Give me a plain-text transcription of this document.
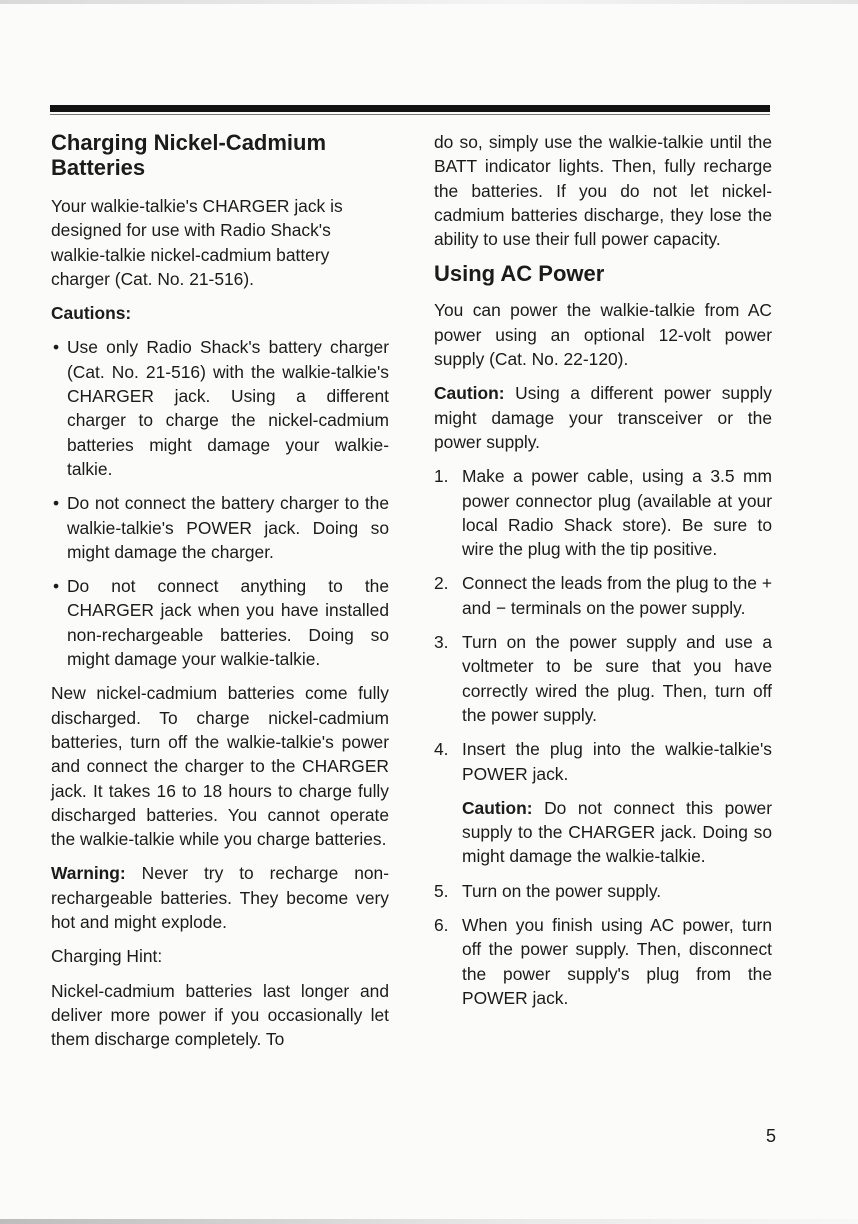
Charging Nickel-Cadmium Batteries

Your walkie-talkie's CHARGER jack is designed for use with Radio Shack's walkie-talkie nickel-cadmium battery charger (Cat. No. 21-516).

Cautions:

• Use only Radio Shack's battery charger (Cat. No. 21-516) with the walkie-talkie's CHARGER jack. Using a different charger to charge the nickel-cadmium batteries might damage your walkie-talkie.
• Do not connect the battery charger to the walkie-talkie's POWER jack. Doing so might damage the charger.
• Do not connect anything to the CHARGER jack when you have installed non-rechargeable batteries. Doing so might damage your walkie-talkie.

New nickel-cadmium batteries come fully discharged. To charge nickel-cadmium batteries, turn off the walkie-talkie's power and connect the charger to the CHARGER jack. It takes 16 to 18 hours to charge fully discharged batteries. You cannot operate the walkie-talkie while you charge batteries.

Warning: Never try to recharge non-rechargeable batteries. They become very hot and might explode.

Charging Hint:

Nickel-cadmium batteries last longer and deliver more power if you occasionally let them discharge completely. To

do so, simply use the walkie-talkie until the BATT indicator lights. Then, fully recharge the batteries. If you do not let nickel-cadmium batteries discharge, they lose the ability to use their full power capacity.

Using AC Power

You can power the walkie-talkie from AC power using an optional 12-volt power supply (Cat. No. 22-120).

Caution: Using a different power supply might damage your transceiver or the power supply.

1. Make a power cable, using a 3.5 mm power connector plug (available at your local Radio Shack store). Be sure to wire the plug with the tip positive.
2. Connect the leads from the plug to the + and − terminals on the power supply.
3. Turn on the power supply and use a voltmeter to be sure that you have correctly wired the plug. Then, turn off the power supply.
4. Insert the plug into the walkie-talkie's POWER jack.
Caution: Do not connect this power supply to the CHARGER jack. Doing so might damage the walkie-talkie.
5. Turn on the power supply.
6. When you finish using AC power, turn off the power supply. Then, disconnect the power supply's plug from the POWER jack.
5
